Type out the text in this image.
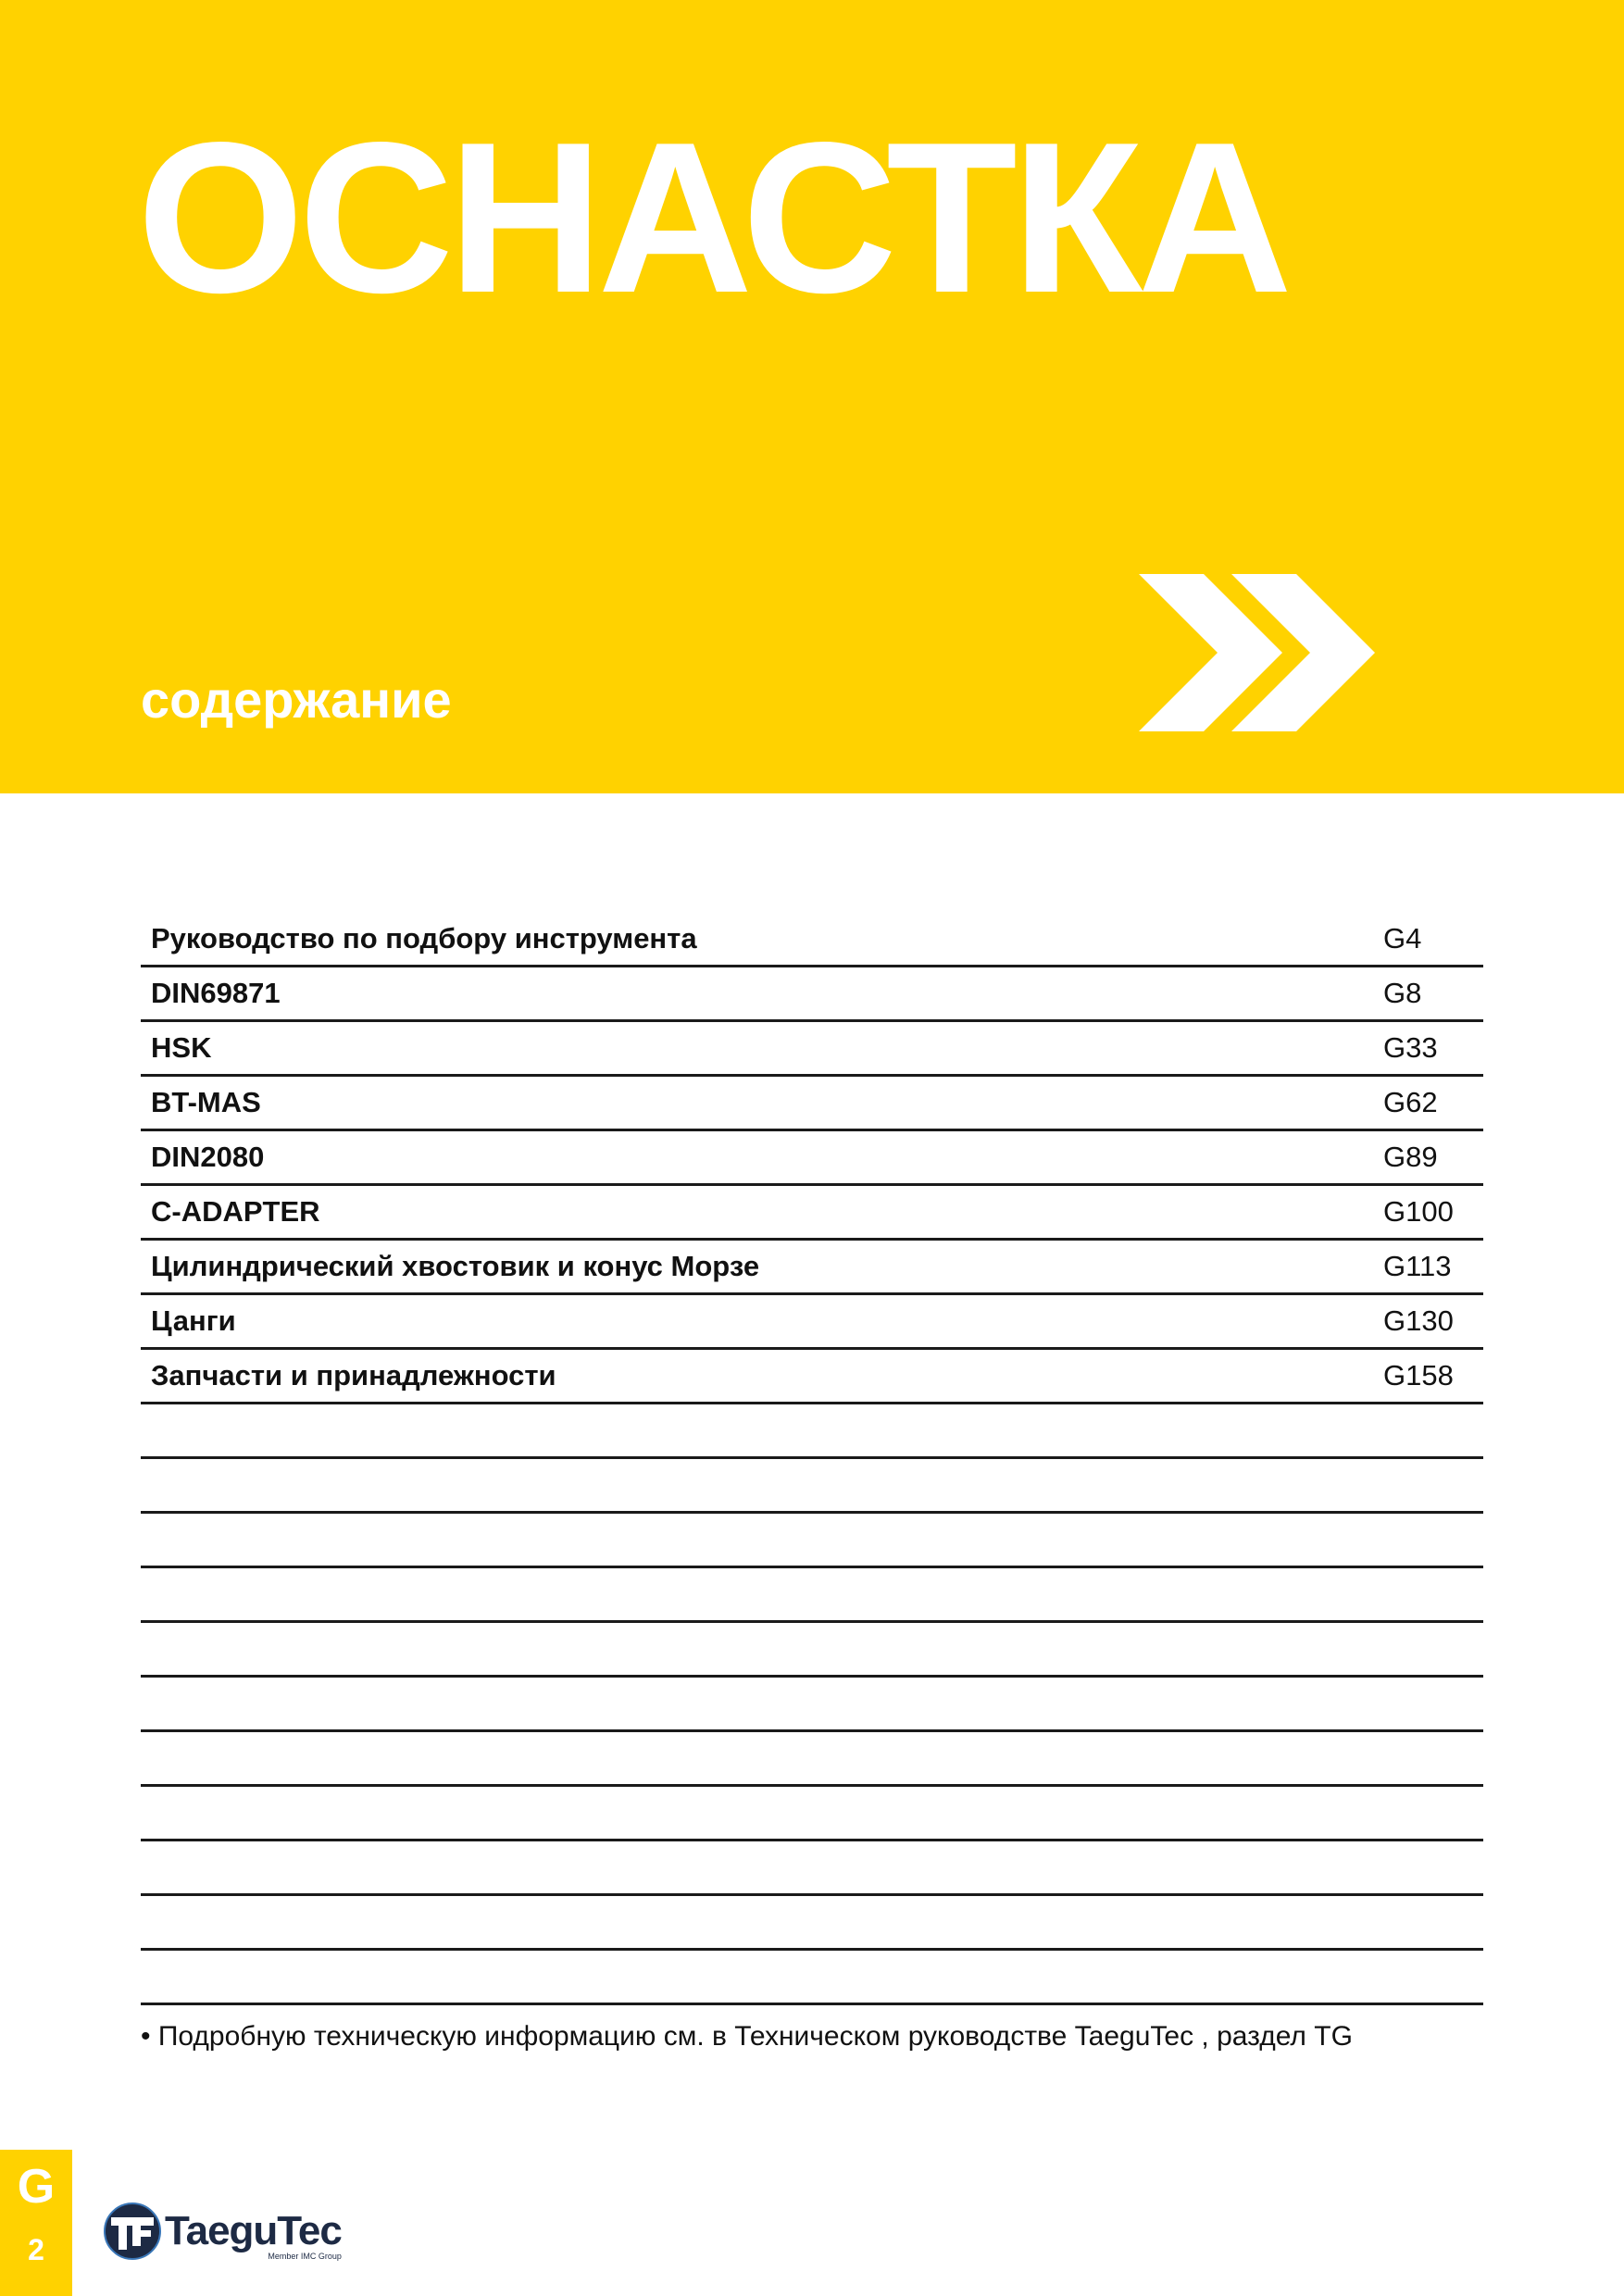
ОСНАСТКА
содержание
Руководство по подбору инструмента	G4
DIN69871	G8
HSK	G33
BT-MAS	G62
DIN2080	G89
C-ADAPTER	G100
Цилиндрический хвостовик и конус Морзе	G113
Цанги	G130
Запчасти и принадлежности	G158
• Подробную техническую информацию см. в Техническом руководстве TaeguTec , раздел TG
G
2	TaeguTec
Member IMC Group
